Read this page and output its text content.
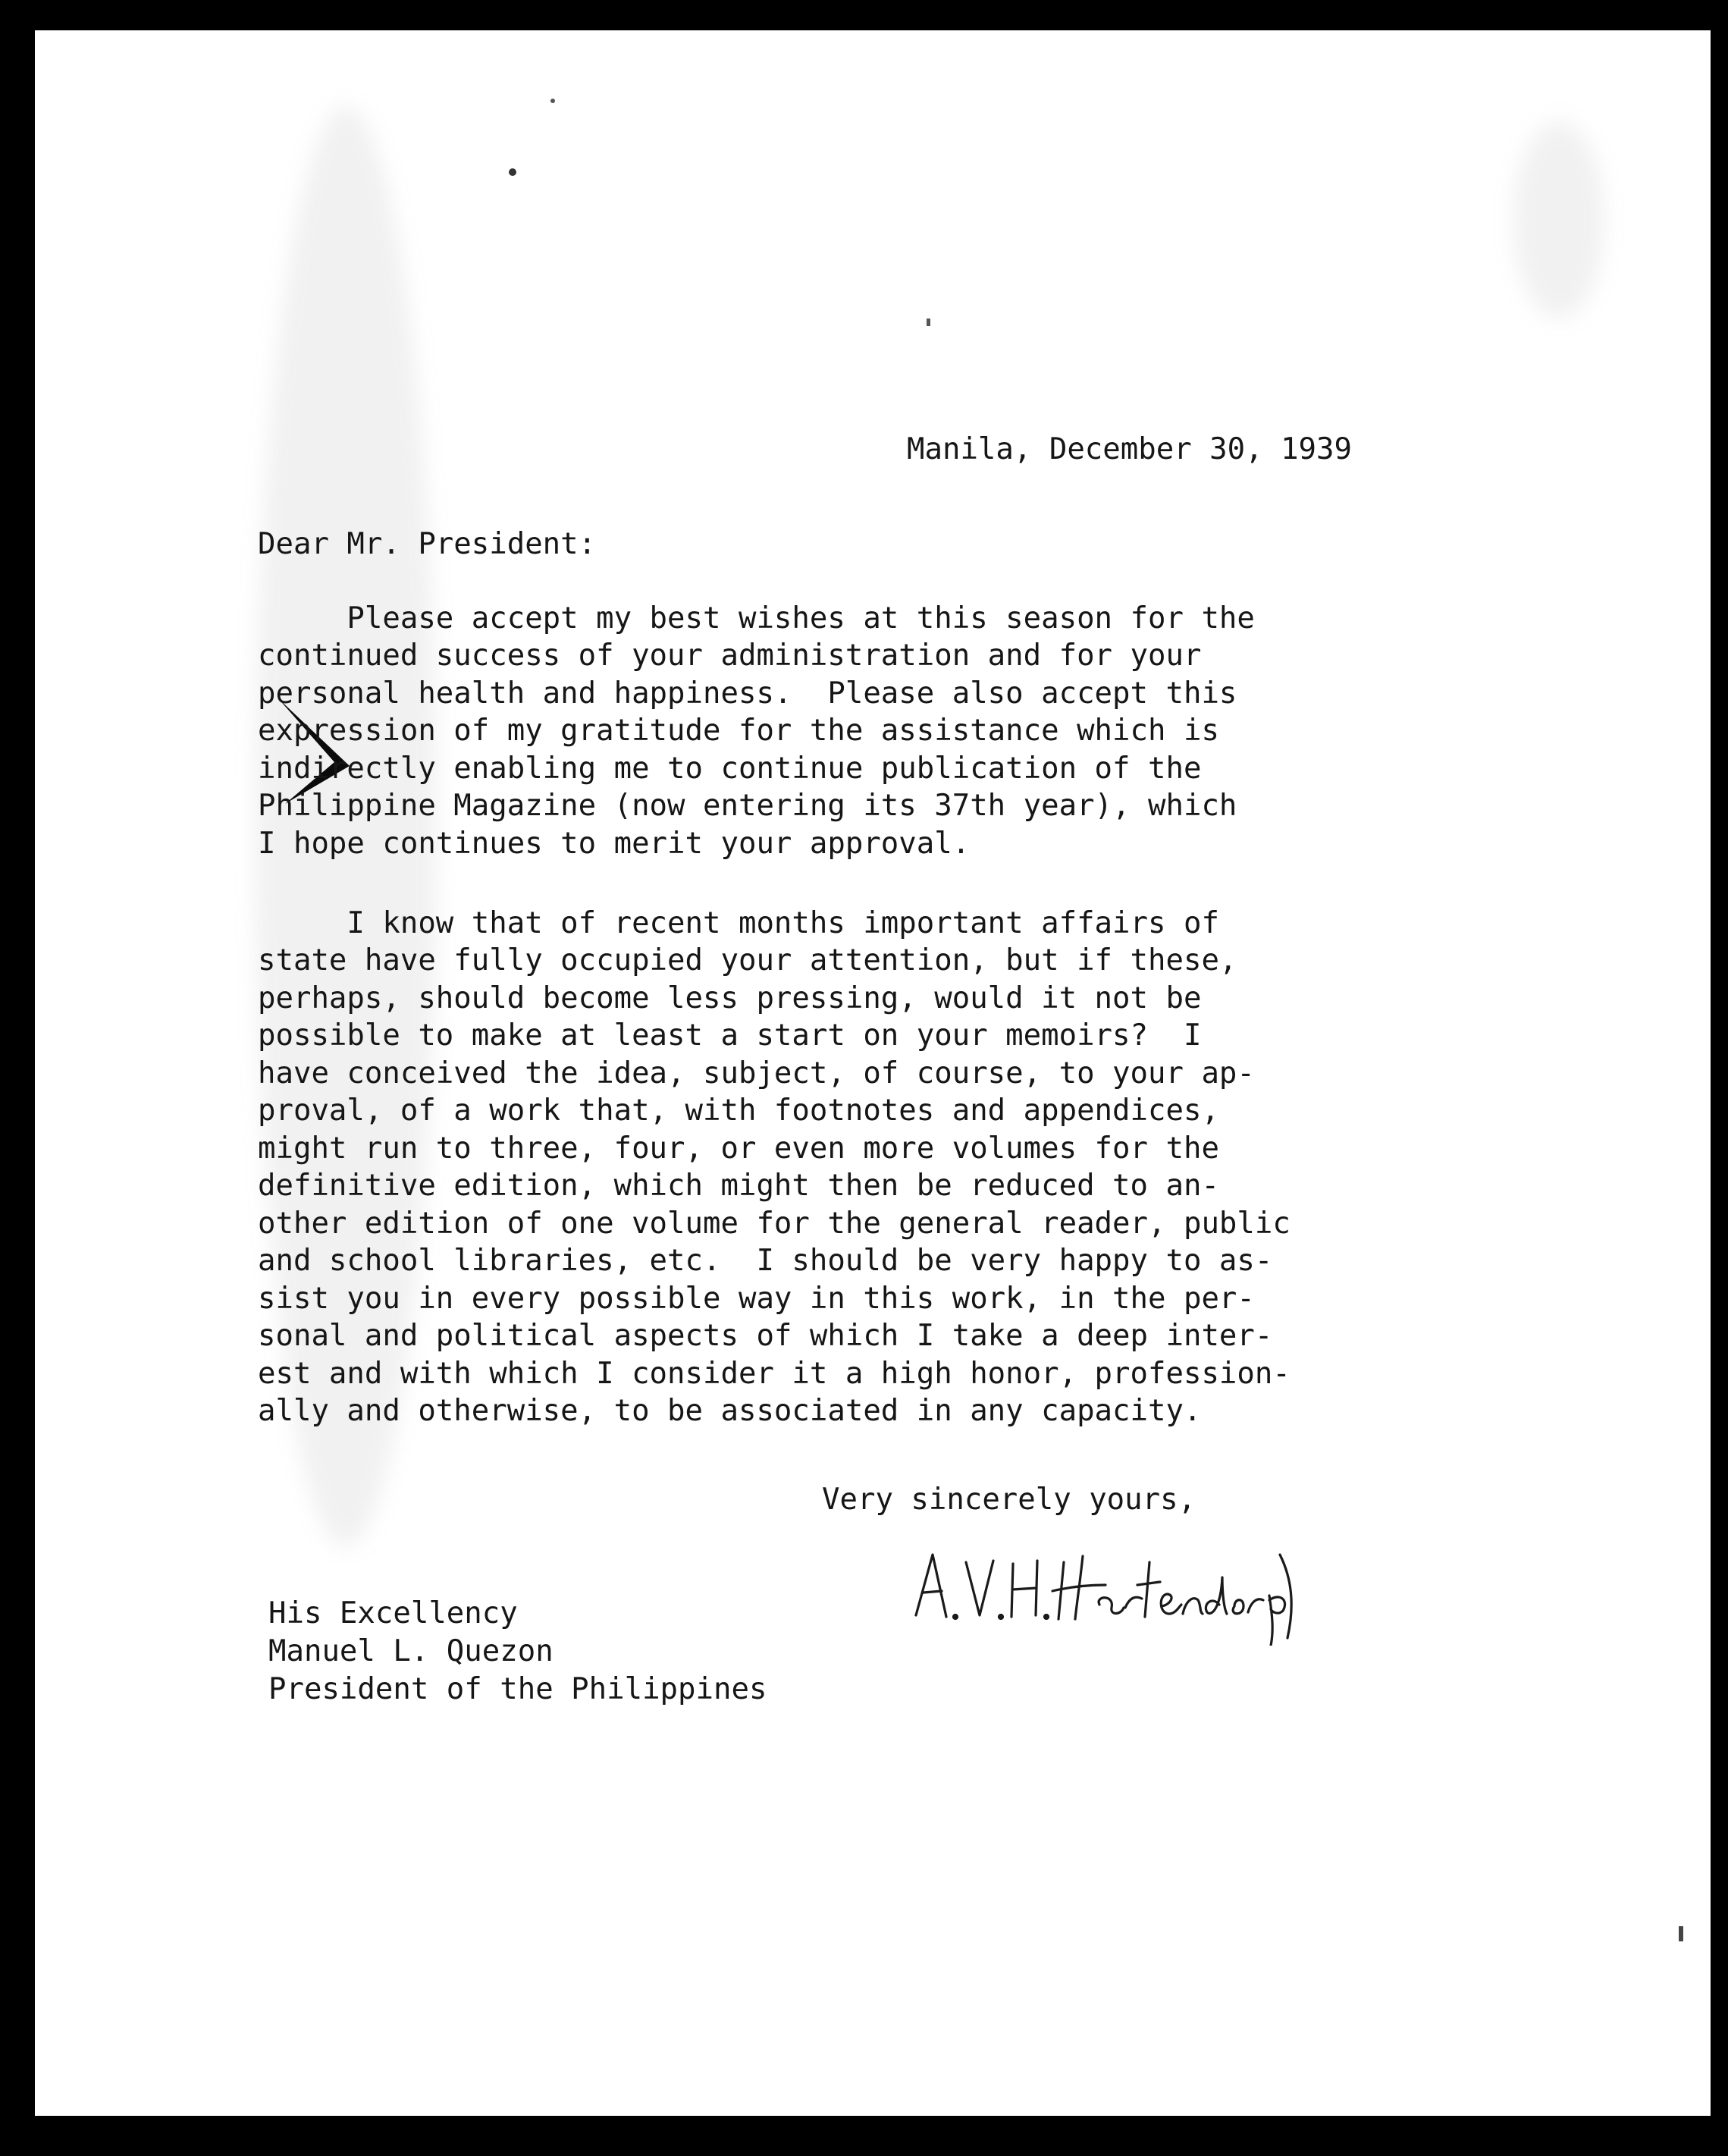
Manila, December 30, 1939

Dear Mr. President:

Please accept my best wishes at this season for the

continued success of your administration and for your

personal health and happiness.  Please also accept this

expression of my gratitude for the assistance which is

indirectly enabling me to continue publication of the

Philippine Magazine (now entering its 37th year), which

I hope continues to merit your approval.

I know that of recent months important affairs of

state have fully occupied your attention, but if these,

perhaps, should become less pressing, would it not be

possible to make at least a start on your memoirs?  I

have conceived the idea, subject, of course, to your ap-

proval, of a work that, with footnotes and appendices,

might run to three, four, or even more volumes for the

definitive edition, which might then be reduced to an-

other edition of one volume for the general reader, public

and school libraries, etc.  I should be very happy to as-

sist you in every possible way in this work, in the per-

sonal and political aspects of which I take a deep inter-

est and with which I consider it a high honor, profession-

ally and otherwise, to be associated in any capacity.

Very sincerely yours,

His Excellency

Manuel L. Quezon

President of the Philippines
